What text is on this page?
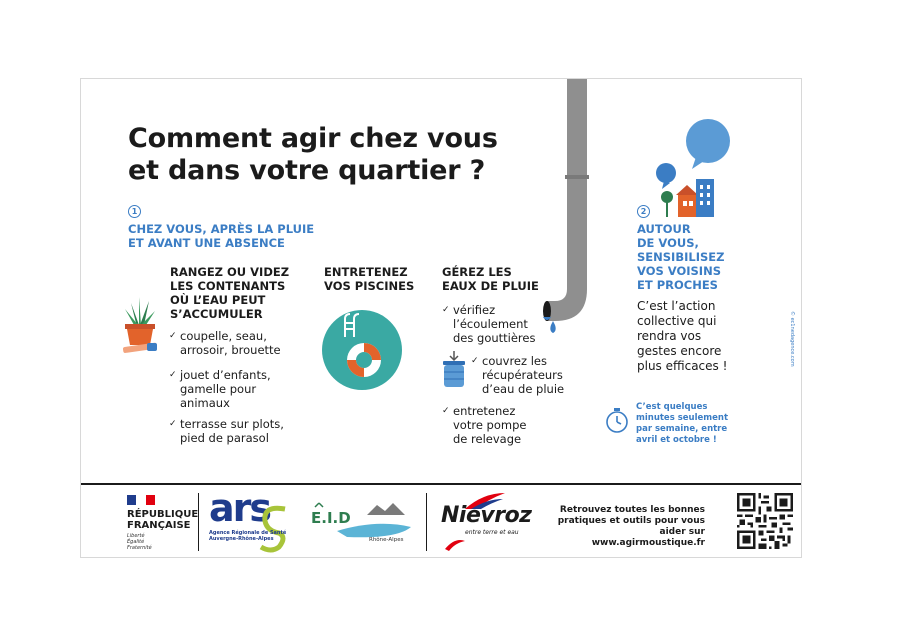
Comment agir chez vous
et dans votre quartier ?
1
CHEZ VOUS, APRÈS LA PLUIE
ET AVANT UNE ABSENCE
RANGEZ OU VIDEZ
LES CONTENANTS
OÙ L’EAU PEUT
S’ACCUMULER
✓ coupelle, seau,
arrosoir, brouette
✓ jouet d’enfants,
gamelle pour
animaux
✓ terrasse sur plots,
pied de parasol
ENTRETENEZ
VOS PISCINES
GÉREZ LES
EAUX DE PLUIE
✓ vérifiez
l’écoulement
des gouttières
✓ couvrez les
récupérateurs
d’eau de pluie
✓ entretenez
votre pompe
de relevage
2
AUTOUR
DE VOUS,
SENSIBILISEZ
VOS VOISINS
ET PROCHES
C’est l’action
collective qui
rendra vos
gestes encore
plus efficaces !
C’est quelques
minutes seulement
par semaine, entre
avril et octobre !
© ec1nedagence.com
RÉPUBLIQUE
FRANÇAISE
Liberté
Égalité
Fraternité
ars
Agence Régionale de Santé
Auvergne-Rhône-Alpes
E.I.D
Rhône-Alpes
Nievroz
entre terre et eau
Retrouvez toutes les bonnes
pratiques et outils pour vous aider sur
www.agirmoustique.fr
